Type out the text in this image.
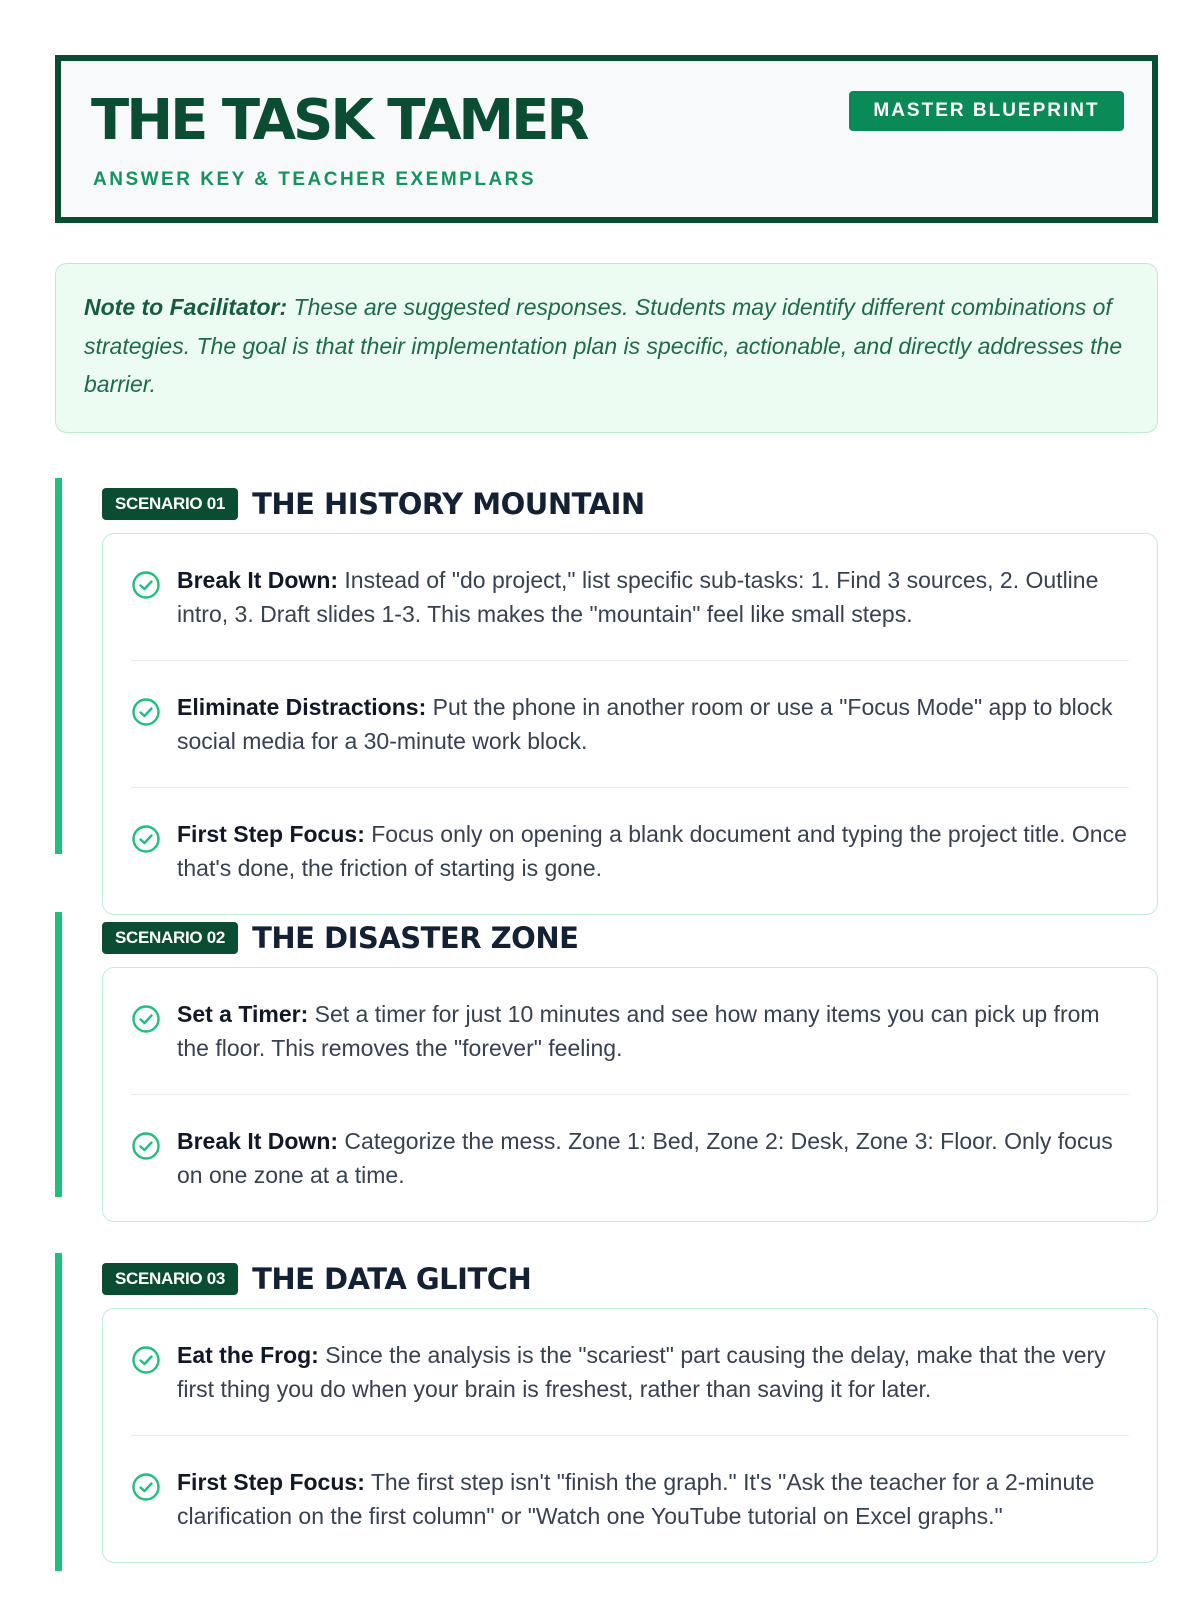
THE TASK TAMER
ANSWER KEY & TEACHER EXEMPLARS
MASTER BLUEPRINT
Note to Facilitator: These are suggested responses. Students may identify different combinations of strategies. The goal is that their implementation plan is specific, actionable, and directly addresses the barrier.
SCENARIO 01 THE HISTORY MOUNTAIN
Break It Down: Instead of "do project," list specific sub-tasks: 1. Find 3 sources, 2. Outline intro, 3. Draft slides 1-3. This makes the "mountain" feel like small steps.
Eliminate Distractions: Put the phone in another room or use a "Focus Mode" app to block social media for a 30-minute work block.
First Step Focus: Focus only on opening a blank document and typing the project title. Once that's done, the friction of starting is gone.
SCENARIO 02 THE DISASTER ZONE
Set a Timer: Set a timer for just 10 minutes and see how many items you can pick up from the floor. This removes the "forever" feeling.
Break It Down: Categorize the mess. Zone 1: Bed, Zone 2: Desk, Zone 3: Floor. Only focus on one zone at a time.
SCENARIO 03 THE DATA GLITCH
Eat the Frog: Since the analysis is the "scariest" part causing the delay, make that the very first thing you do when your brain is freshest, rather than saving it for later.
First Step Focus: The first step isn't "finish the graph." It's "Ask the teacher for a 2-minute clarification on the first column" or "Watch one YouTube tutorial on Excel graphs."
